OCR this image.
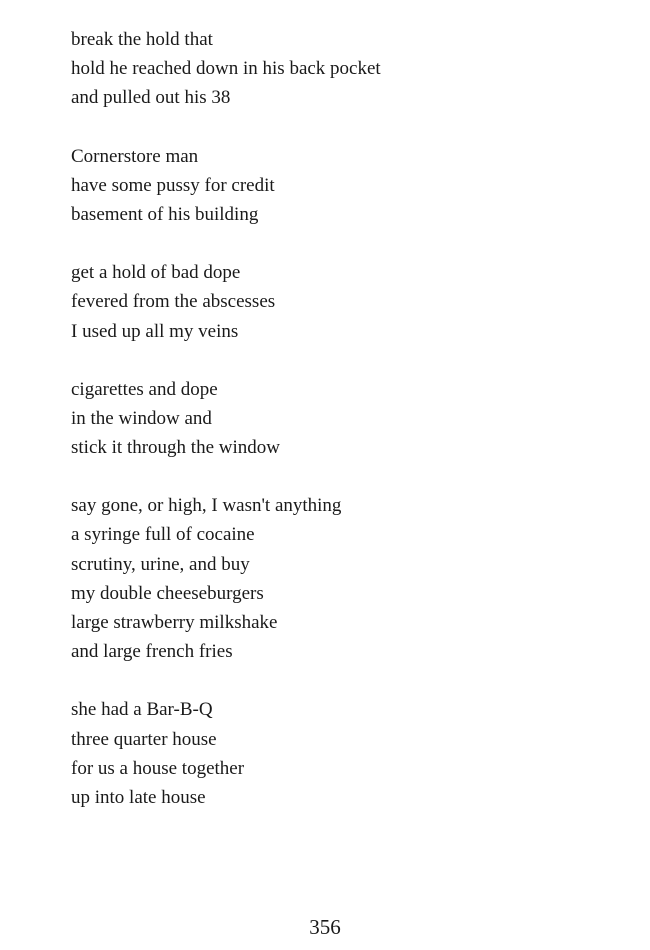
break the hold that
hold he reached down in his back pocket
and pulled out his 38
Cornerstore man
have some pussy for credit
basement of his building
get a hold of bad dope
fevered from the abscesses
I used up all my veins
cigarettes and dope
in the window and
stick it through the window
say gone, or high, I wasn't anything
a syringe full of cocaine
scrutiny, urine, and buy
my double cheeseburgers
large strawberry milkshake
and large french fries
she had a Bar-B-Q
three quarter house
for us a house together
up into late house
356
